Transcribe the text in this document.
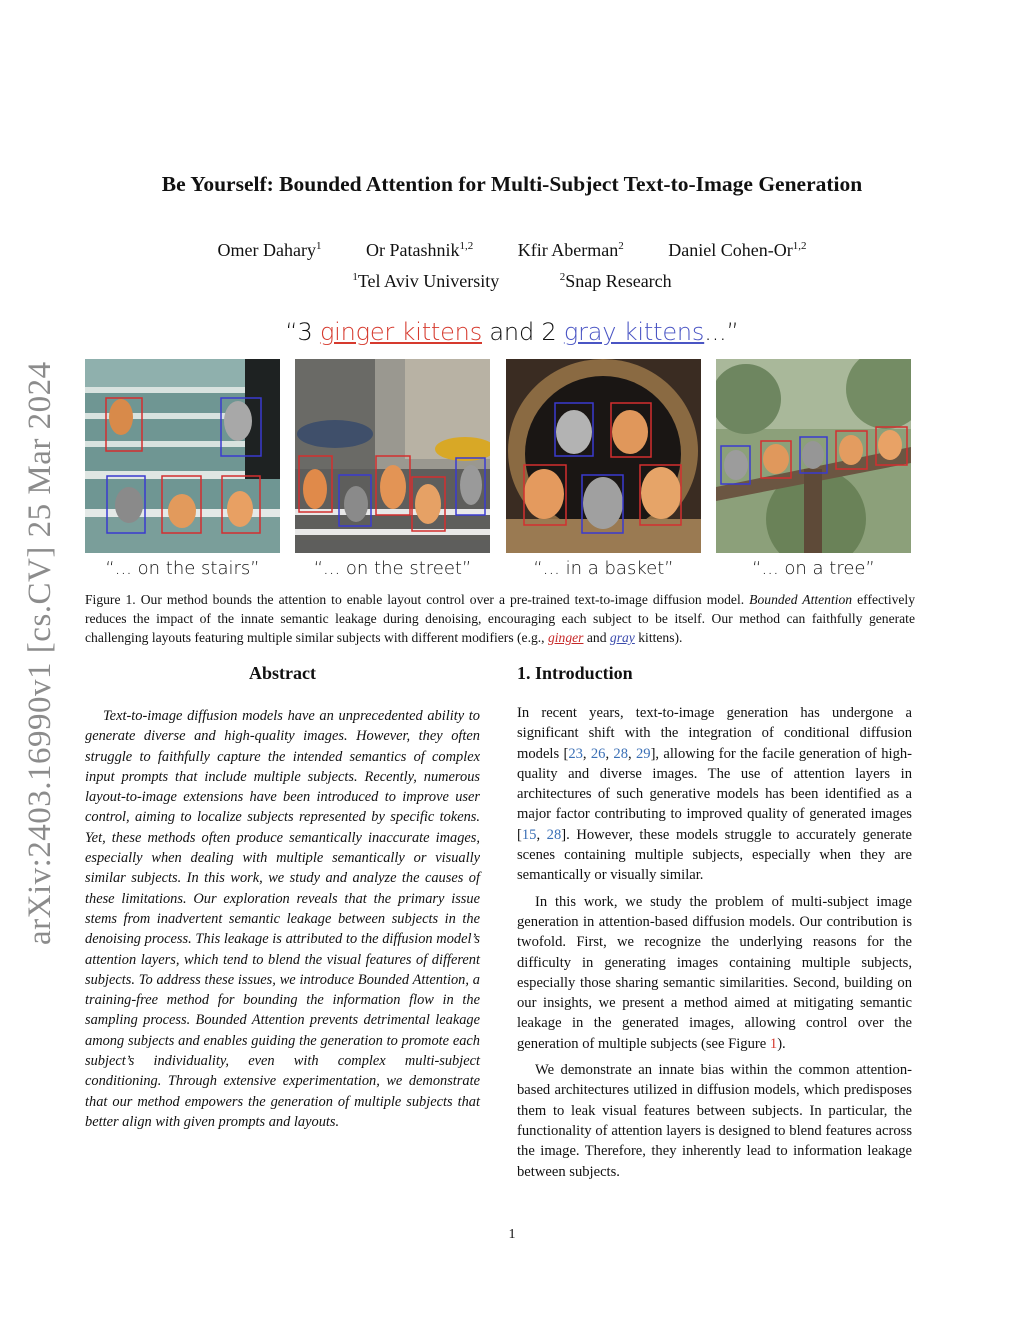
arXiv:2403.16990v1 [cs.CV] 25 Mar 2024
Be Yourself: Bounded Attention for Multi-Subject Text-to-Image Generation
Omer Dahary$^1$ Or Patashnik$^{1,2}$ Kfir Aberman$^2$ Daniel Cohen-Or$^{1,2}$
$^1$Tel Aviv University	$^2$Snap Research
“3 ginger kittens and 2 gray kittens...”
“... on the stairs”	“... on the street”	“... in a basket”	“... on a tree”
Figure 1. Our method bounds the attention to enable layout control over a pre-trained text-to-image diffusion model. Bounded Attention effectively reduces the impact of the innate semantic leakage during denoising, encouraging each subject to be itself. Our method can faithfully generate challenging layouts featuring multiple similar subjects with different modifiers (e.g., ginger and gray kittens).
Abstract	1. Introduction

Text-to-image diffusion models have an unprecedented ability to generate diverse and high-quality images. However, they often struggle to faithfully capture the intended semantics of complex input prompts that include multiple subjects. Recently, numerous layout-to-image extensions have been introduced to improve user control, aiming to localize subjects represented by specific tokens. Yet, these methods often produce semantically inaccurate images, especially when dealing with multiple semantically or visually similar subjects. In this work, we study and analyze the causes of these limitations. Our exploration reveals that the primary issue stems from inadvertent semantic leakage between subjects in the denoising process. This leakage is attributed to the diffusion model’s attention layers, which tend to blend the visual features of different subjects. To address these issues, we introduce Bounded Attention, a training-free method for bounding the information flow in the sampling process. Bounded Attention prevents detrimental leakage among subjects and enables guiding the generation to promote each subject’s individuality, even with complex multi-subject conditioning. Through extensive experimentation, we demonstrate that our method empowers the generation of multiple subjects that better align with given prompts and layouts.

In recent years, text-to-image generation has undergone a significant shift with the integration of conditional diffusion models [23, 26, 28, 29], allowing for the facile generation of high-quality and diverse images. The use of attention layers in architectures of such generative models has been identified as a major factor contributing to improved quality of generated images [15, 28]. However, these models struggle to accurately generate scenes containing multiple subjects, especially when they are semantically or visually similar.

In this work, we study the problem of multi-subject image generation in attention-based diffusion models. Our contribution is twofold. First, we recognize the underlying reasons for the difficulty in generating images containing multiple subjects, especially those sharing semantic similarities. Second, building on our insights, we present a method aimed at mitigating semantic leakage in the generated images, allowing control over the generation of multiple subjects (see Figure 1).

We demonstrate an innate bias within the common attention-based architectures utilized in diffusion models, which predisposes them to leak visual features between subjects. In particular, the functionality of attention layers is designed to blend features across the image. Therefore, they inherently lead to information leakage between subjects.

1
